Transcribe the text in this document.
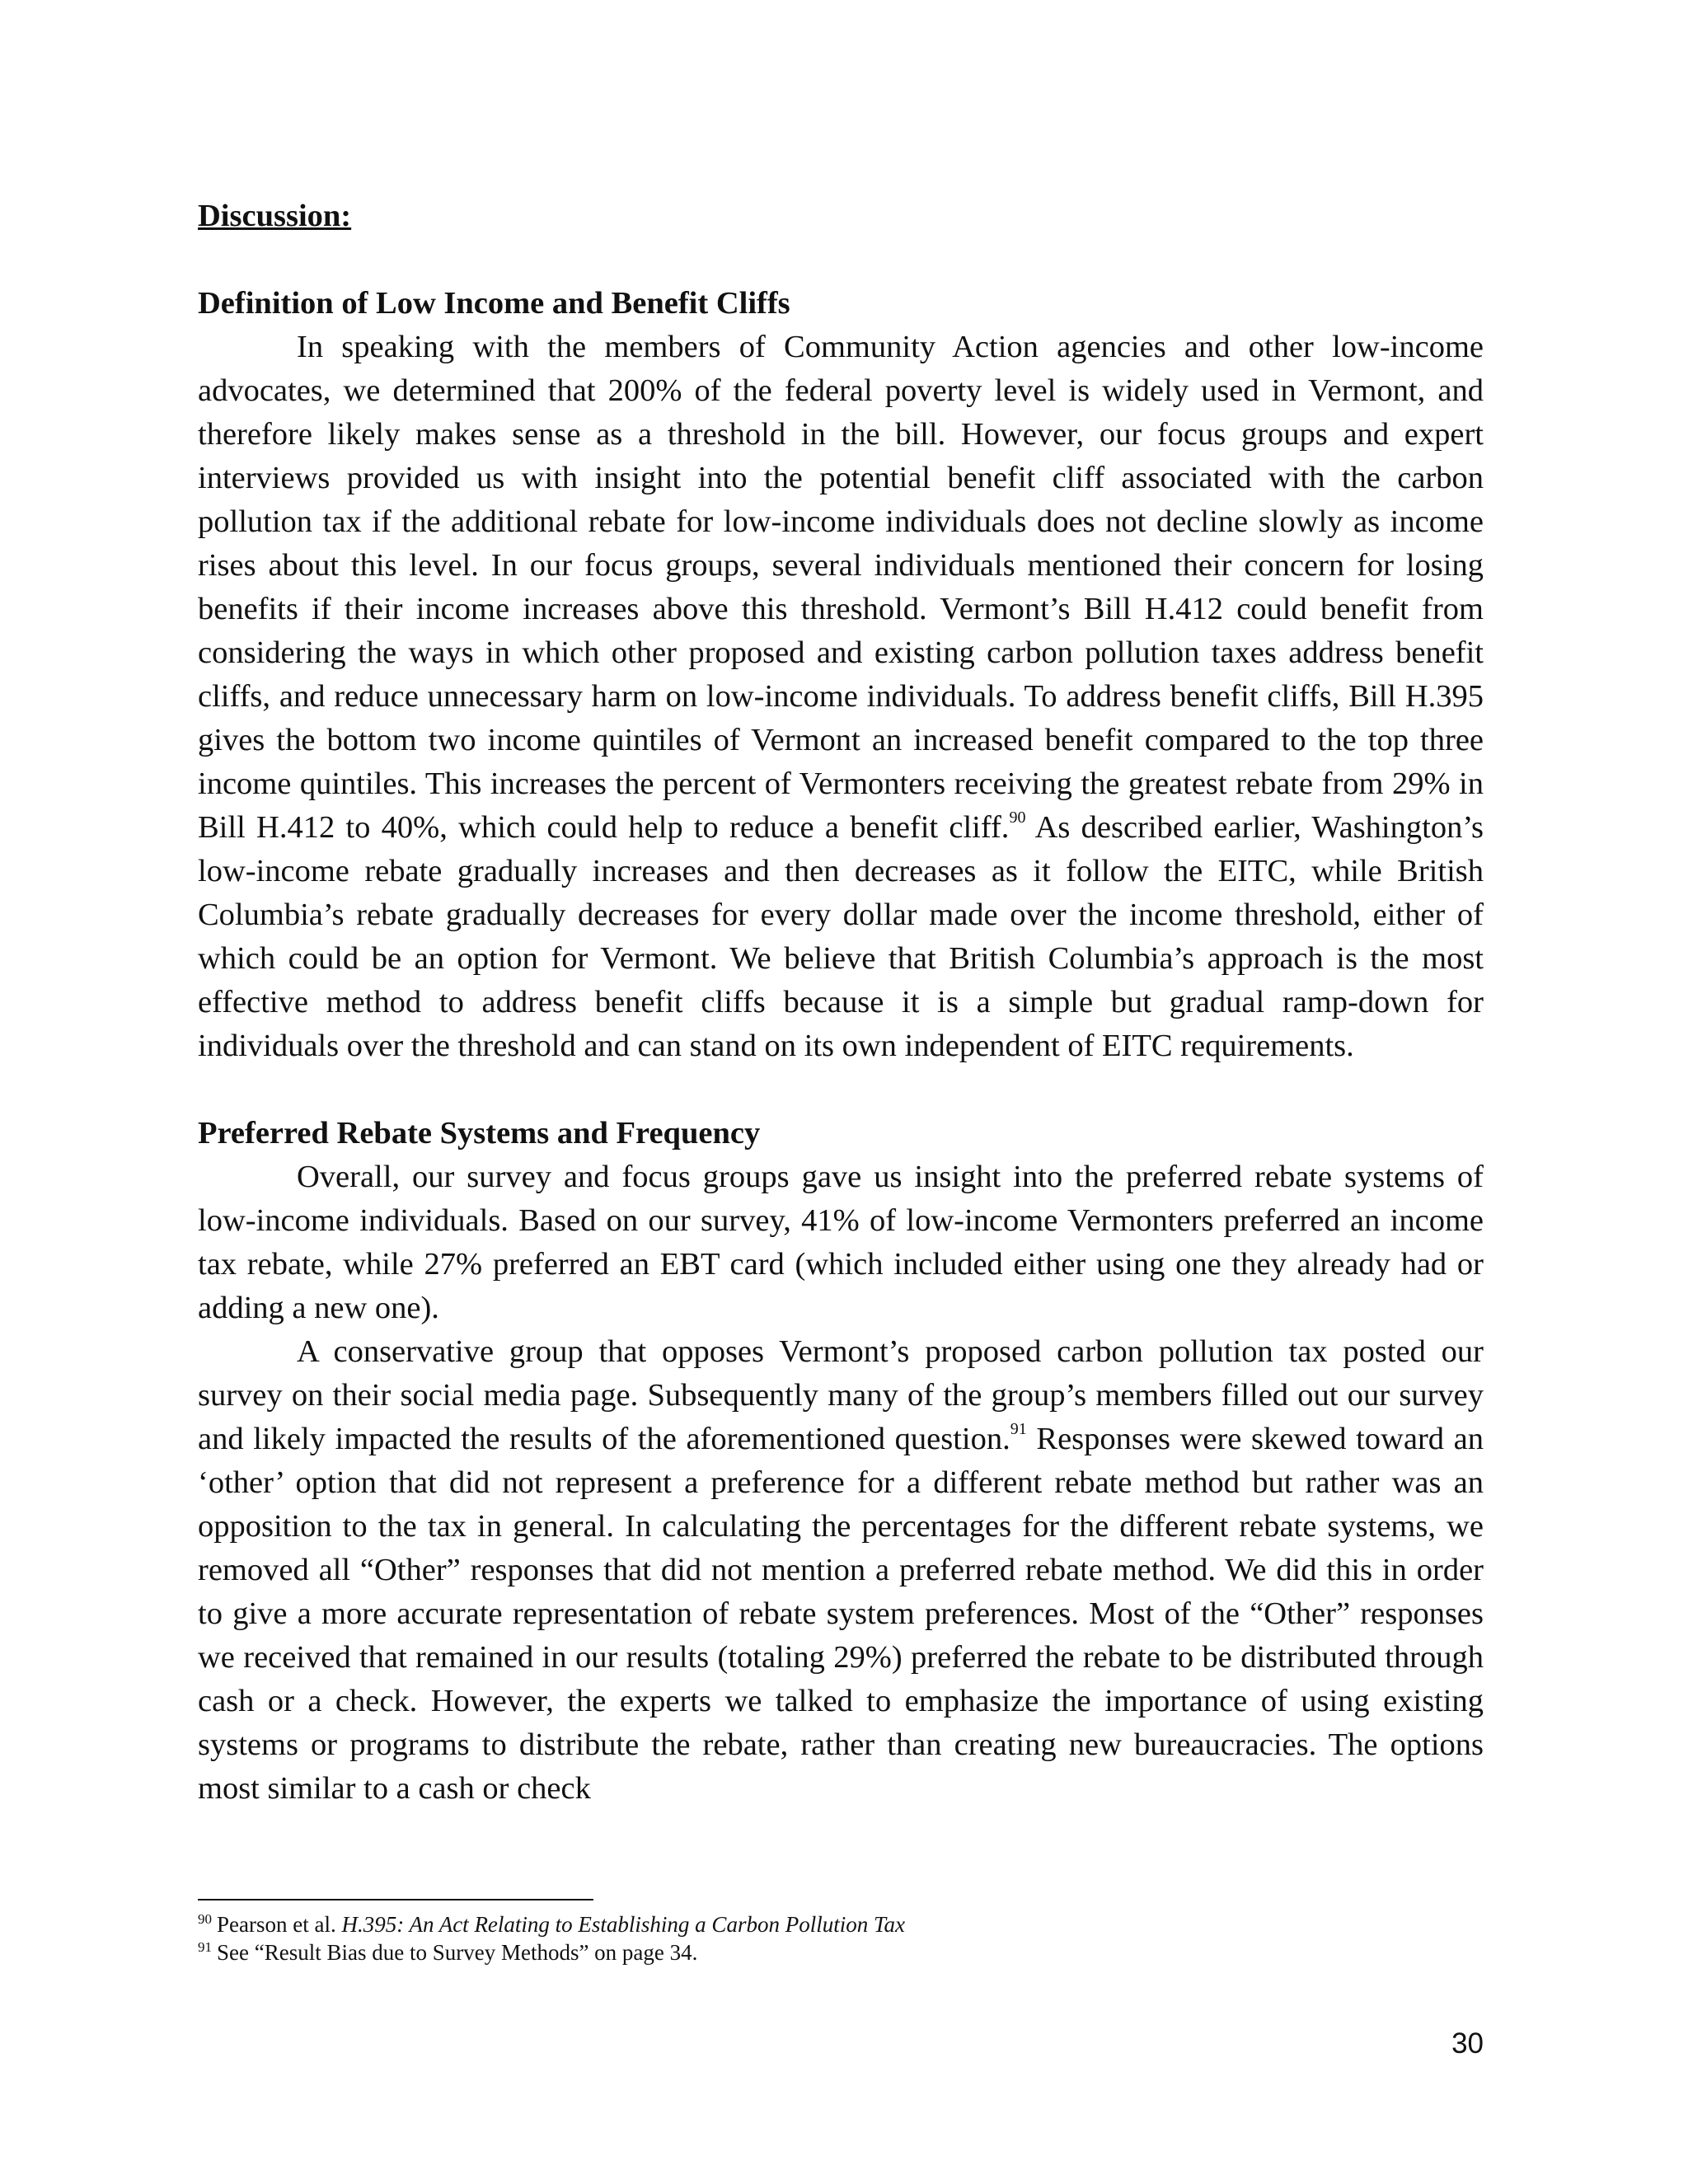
Discussion:
Definition of Low Income and Benefit Cliffs

In speaking with the members of Community Action agencies and other low-income advocates, we determined that 200% of the federal poverty level is widely used in Vermont, and therefore likely makes sense as a threshold in the bill. However, our focus groups and expert interviews provided us with insight into the potential benefit cliff associated with the carbon pollution tax if the additional rebate for low-income individuals does not decline slowly as income rises about this level. In our focus groups, several individuals mentioned their concern for losing benefits if their income increases above this threshold. Vermont’s Bill H.412 could benefit from considering the ways in which other proposed and existing carbon pollution taxes address benefit cliffs, and reduce unnecessary harm on low-income individuals. To address benefit cliffs, Bill H.395 gives the bottom two income quintiles of Vermont an increased benefit compared to the top three income quintiles. This increases the percent of Vermonters receiving the greatest rebate from 29% in Bill H.412 to 40%, which could help to reduce a benefit cliff.$^{90}$ As described earlier, Washington’s low-income rebate gradually increases and then decreases as it follow the EITC, while British Columbia’s rebate gradually decreases for every dollar made over the income threshold, either of which could be an option for Vermont. We believe that British Columbia’s approach is the most effective method to address benefit cliffs because it is a simple but gradual ramp-down for individuals over the threshold and can stand on its own independent of EITC requirements.

Preferred Rebate Systems and Frequency

Overall, our survey and focus groups gave us insight into the preferred rebate systems of low-income individuals. Based on our survey, 41% of low-income Vermonters preferred an income tax rebate, while 27% preferred an EBT card (which included either using one they already had or adding a new one).

A conservative group that opposes Vermont’s proposed carbon pollution tax posted our survey on their social media page. Subsequently many of the group’s members filled out our survey and likely impacted the results of the aforementioned question.$^{91}$ Responses were skewed toward an ‘other’ option that did not represent a preference for a different rebate method but rather was an opposition to the tax in general. In calculating the percentages for the different rebate systems, we removed all “Other” responses that did not mention a preferred rebate method. We did this in order to give a more accurate representation of rebate system preferences. Most of the “Other” responses we received that remained in our results (totaling 29%) preferred the rebate to be distributed through cash or a check. However, the experts we talked to emphasize the importance of using existing systems or programs to distribute the rebate, rather than creating new bureaucracies. The options most similar to a cash or check

$^{90}$ Pearson et al. H.395: An Act Relating to Establishing a Carbon Pollution Tax

$^{91}$ See “Result Bias due to Survey Methods” on page 34.

30
